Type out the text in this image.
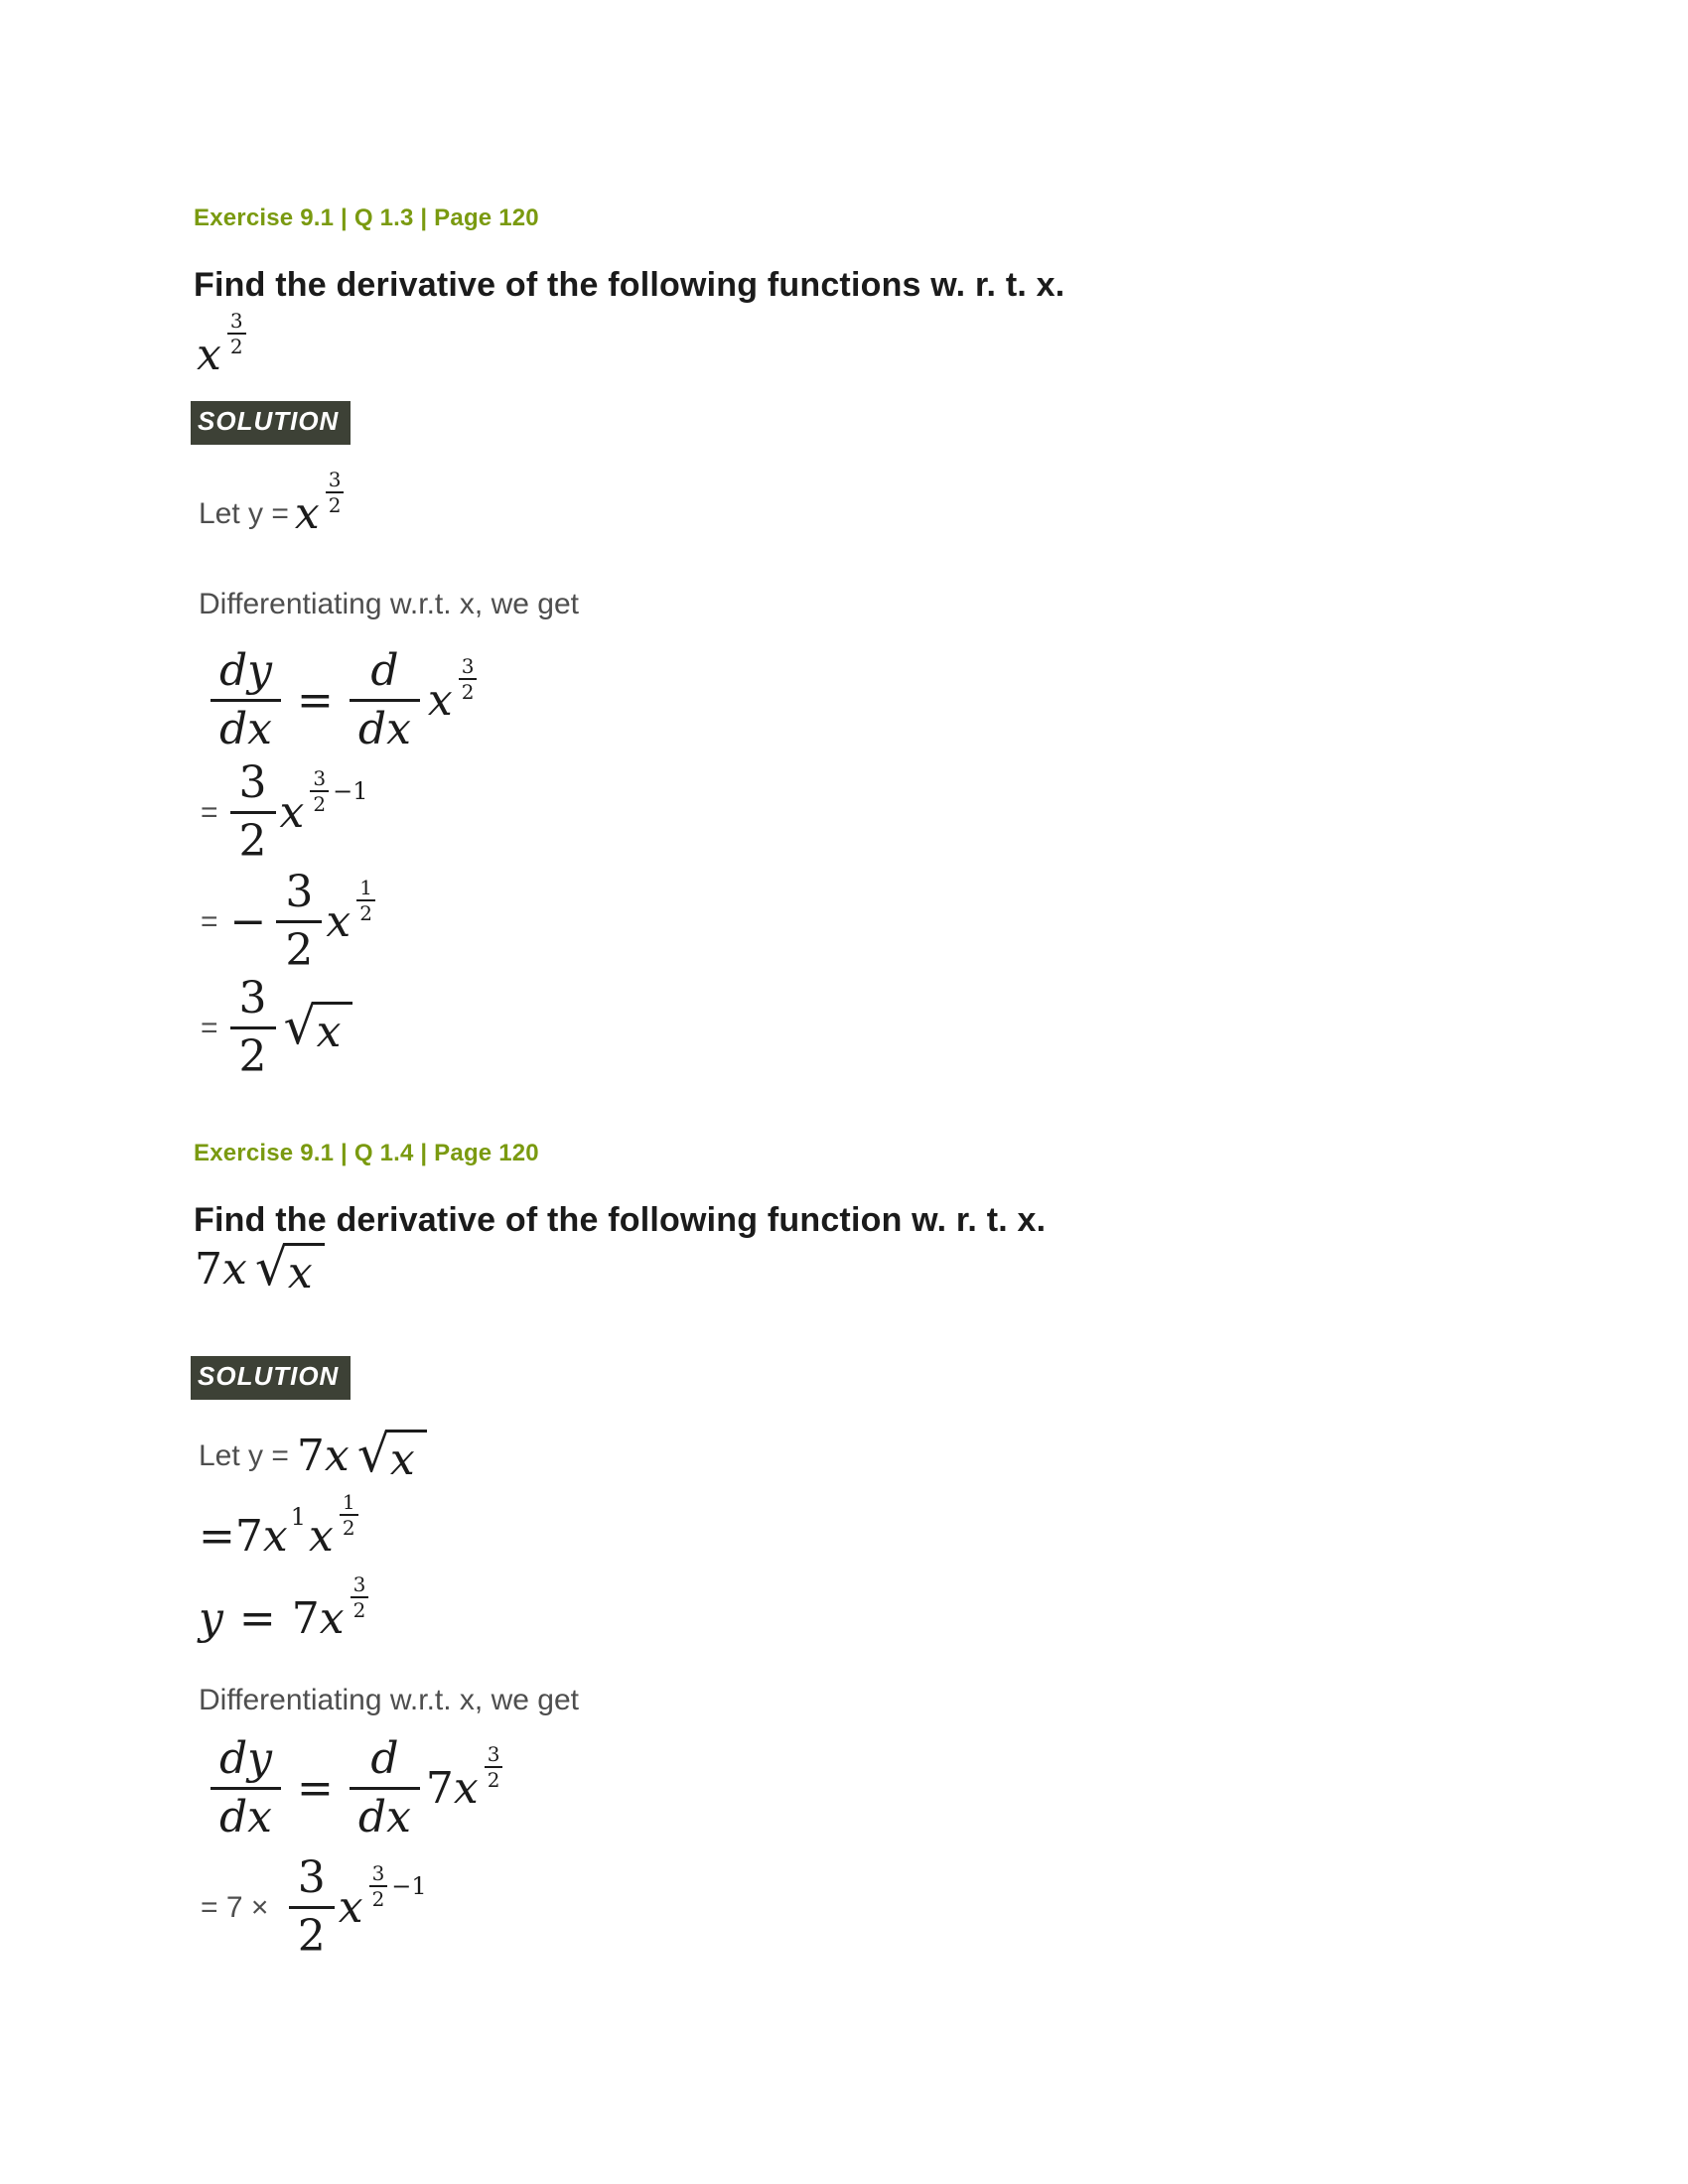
Exercise 9.1 | Q 1.3 | Page 120
Find the derivative of the following functions w. r. t. x.
x $\frac{3}{2}$
SOLUTION
Let y = x $\frac{3}{2}$
Differentiating w.r.t. x, we get
$\frac{dy}{dx} = \frac{d}{dx}$ x $\frac{3}{2}$
= $\frac{3}{2}$ x $\frac{3}{2} -1$
= − $\frac{3}{2}$ x $\frac{1}{2}$
= $\frac{3}{2}$ √ x
Exercise 9.1 | Q 1.4 | Page 120
Find the derivative of the following function w. r. t. x.
7 x √ x
SOLUTION
Let y = 7 x √ x
= 7 x 1 x $\frac{1}{2}$
y = 7 x $\frac{3}{2}$
Differentiating w.r.t. x, we get
$\frac{dy}{dx} = \frac{d}{dx} 7$ x $\frac{3}{2}$
= $7 \times \frac{3}{2}$ x $\frac{3}{2} -1$
